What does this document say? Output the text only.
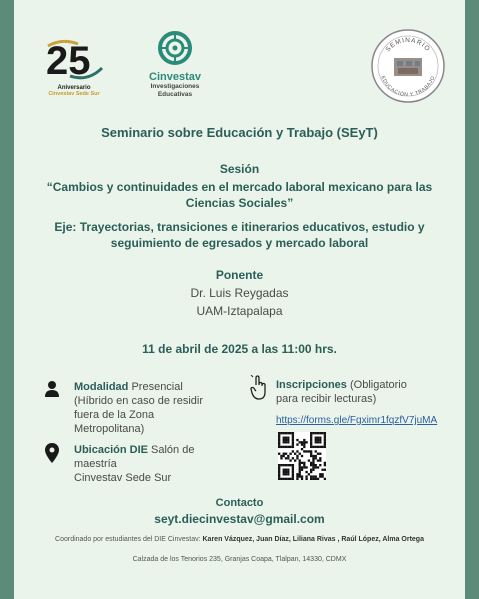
25
Aniversario
Cinvestav Sede Sur
Cinvestav
Investigaciones
Educativas
SEMINARIO
EDUCACIÓN Y TRABAJO
Seminario sobre Educación y Trabajo (SEyT)
Sesión
“Cambios y continuidades en el mercado laboral mexicano para las
Ciencias Sociales”
Eje: Trayectorias, transiciones e itinerarios educativos, estudio y
seguimiento de egresados y mercado laboral
Ponente
Dr. Luis Reygadas
UAM-Iztapalapa
11 de abril de 2025 a las 11:00 hrs.
Modalidad Presencial
(Híbrido en caso de residir
fuera de la Zona
Metropolitana)
Ubicación DIE Salón de
maestría
Cinvestav Sede Sur
Inscripciones (Obligatorio
para recibir lecturas)
https://forms.gle/Fgximr1fqzfV7juMA
Contacto
seyt.diecinvestav@gmail.com
Coordinado por estudiantes del DIE Cinvestav: Karen Vázquez, Juan Díaz, Liliana Rivas , Raúl López, Alma Ortega
Calzada de los Tenorios 235, Granjas Coapa, Tlalpan, 14330, CDMX
